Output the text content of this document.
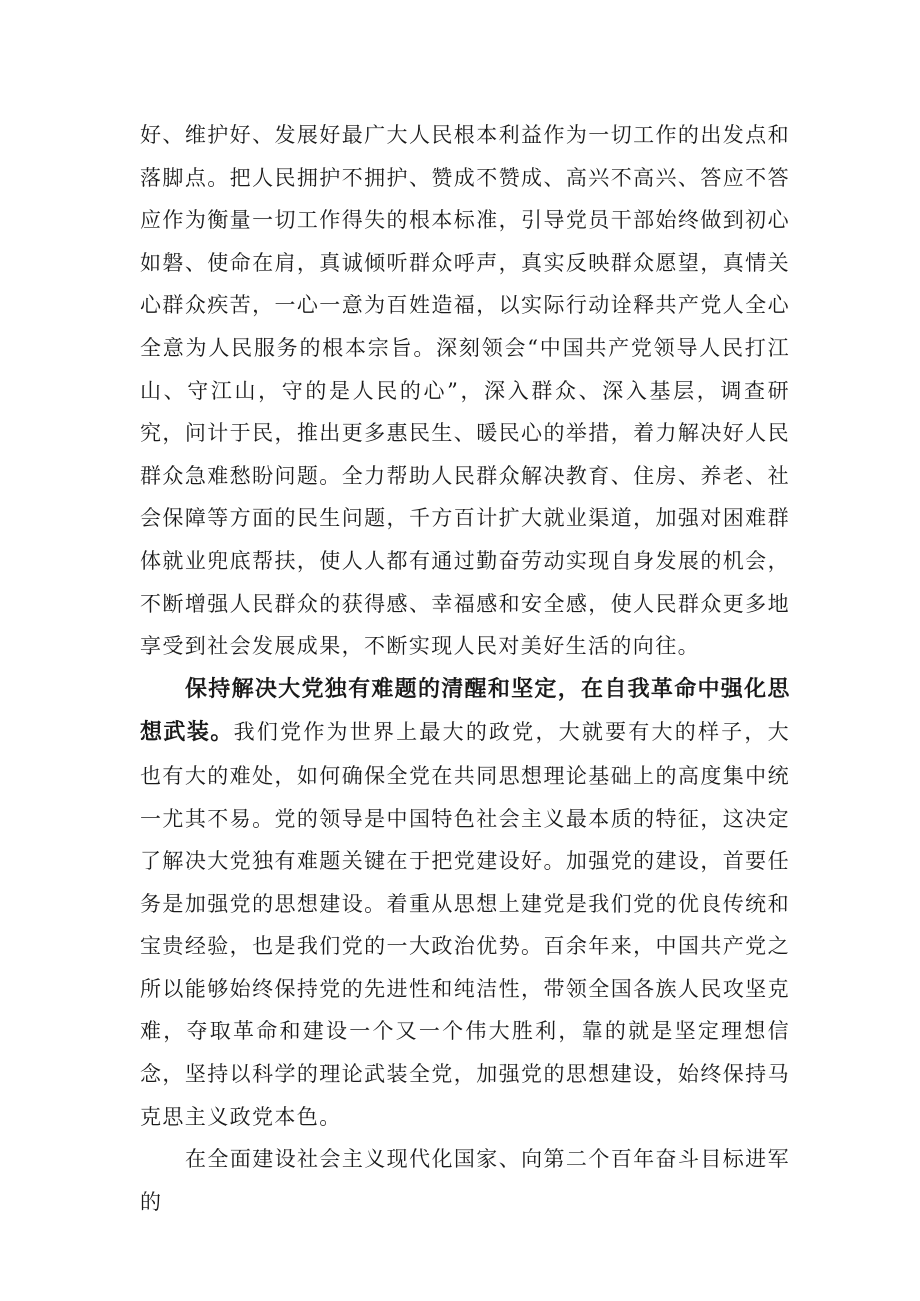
好、维护好、发展好最广大人民根本利益作为一切工作的出发点和落脚点。把人民拥护不拥护、赞成不赞成、高兴不高兴、答应不答应作为衡量一切工作得失的根本标准，引导党员干部始终做到初心如磐、使命在肩，真诚倾听群众呼声，真实反映群众愿望，真情关心群众疾苦，一心一意为百姓造福，以实际行动诠释共产党人全心全意为人民服务的根本宗旨。深刻领会“中国共产党领导人民打江山、守江山，守的是人民的心”，深入群众、深入基层，调查研究，问计于民，推出更多惠民生、暖民心的举措，着力解决好人民群众急难愁盼问题。全力帮助人民群众解决教育、住房、养老、社会保障等方面的民生问题，千方百计扩大就业渠道，加强对困难群体就业兜底帮扶，使人人都有通过勤奋劳动实现自身发展的机会，不断增强人民群众的获得感、幸福感和安全感，使人民群众更多地享受到社会发展成果，不断实现人民对美好生活的向往。

保持解决大党独有难题的清醒和坚定，在自我革命中强化思想武装。我们党作为世界上最大的政党，大就要有大的样子，大也有大的难处，如何确保全党在共同思想理论基础上的高度集中统一尤其不易。党的领导是中国特色社会主义最本质的特征，这决定了解决大党独有难题关键在于把党建设好。加强党的建设，首要任务是加强党的思想建设。着重从思想上建党是我们党的优良传统和宝贵经验，也是我们党的一大政治优势。百余年来，中国共产党之所以能够始终保持党的先进性和纯洁性，带领全国各族人民攻坚克难，夺取革命和建设一个又一个伟大胜利，靠的就是坚定理想信念，坚持以科学的理论武装全党，加强党的思想建设，始终保持马克思主义政党本色。

在全面建设社会主义现代化国家、向第二个百年奋斗目标进军的
